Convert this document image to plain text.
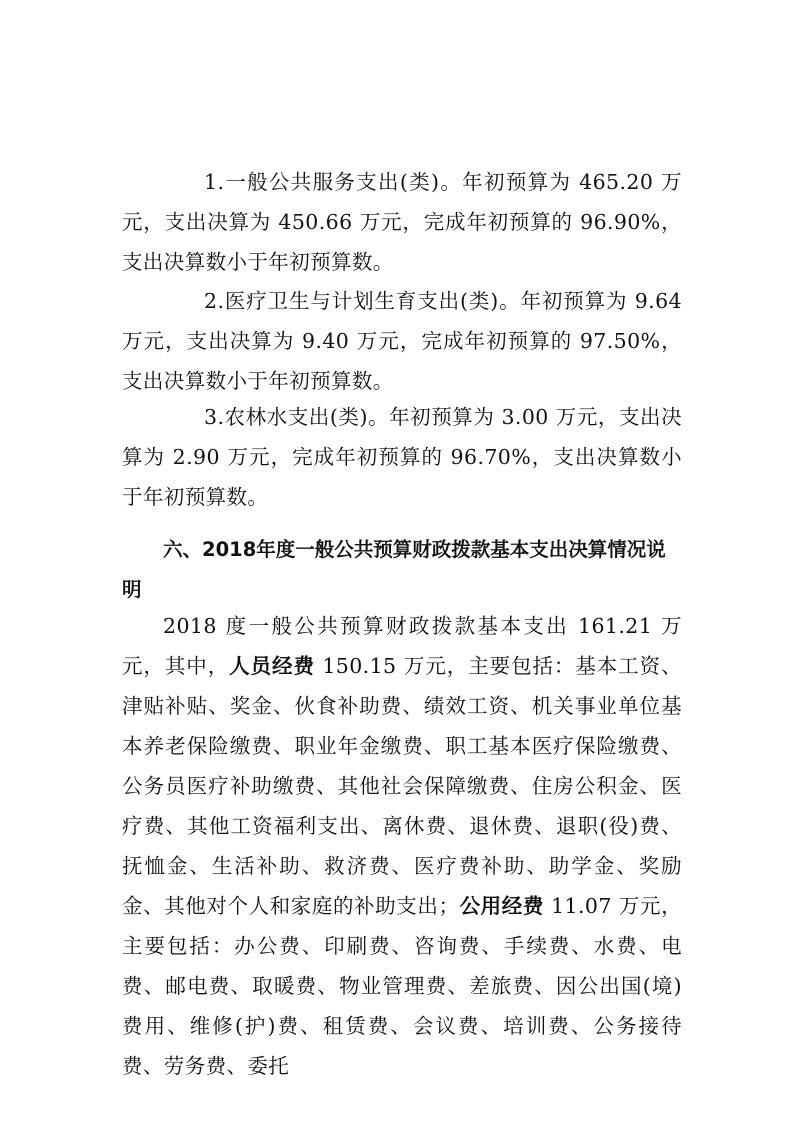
1.一般公共服务支出(类)。年初预算为 465.20 万元，支出决算为 450.66 万元，完成年初预算的 96.90%，支出决算数小于年初预算数。

2.医疗卫生与计划生育支出(类)。年初预算为 9.64 万元，支出决算为 9.40 万元，完成年初预算的 97.50%，支出决算数小于年初预算数。

3.农林水支出(类)。年初预算为 3.00 万元，支出决算为 2.90 万元，完成年初预算的 96.70%，支出决算数小于年初预算数。

六、2018年度一般公共预算财政拨款基本支出决算情况说明

2018 度一般公共预算财政拨款基本支出 161.21 万元，其中，人员经费 150.15 万元，主要包括：基本工资、津贴补贴、奖金、伙食补助费、绩效工资、机关事业单位基本养老保险缴费、职业年金缴费、职工基本医疗保险缴费、公务员医疗补助缴费、其他社会保障缴费、住房公积金、医疗费、其他工资福利支出、离休费、退休费、退职(役)费、抚恤金、生活补助、救济费、医疗费补助、助学金、奖励金、其他对个人和家庭的补助支出；公用经费 11.07 万元，主要包括：办公费、印刷费、咨询费、手续费、水费、电费、邮电费、取暖费、物业管理费、差旅费、因公出国(境)费用、维修(护)费、租赁费、会议费、培训费、公务接待费、劳务费、委托
